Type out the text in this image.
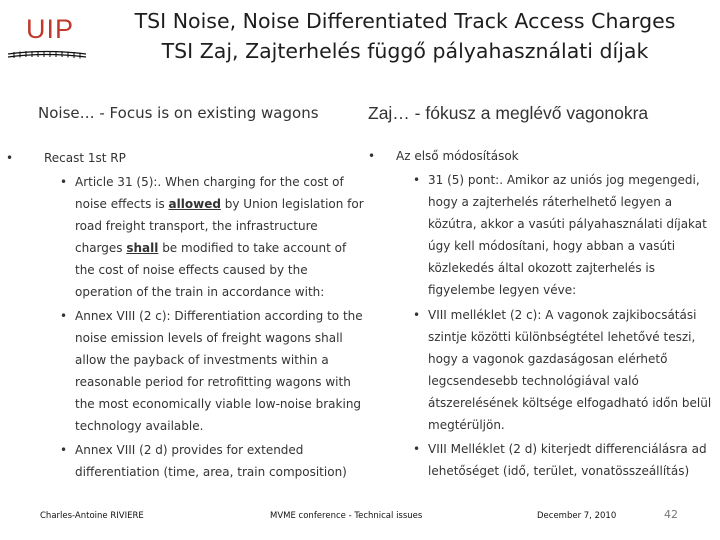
UIP	TSI Noise, Noise Differentiated Track Access Charges
TSI Zaj, Zajterhelés függő pályahasználati díjak
Noise… - Focus is on existing wagons	Zaj… - fókusz a meglévő vagonokra
•	Recast 1st RP	• Az első módosítások
• Article 31 (5):. When charging for the cost of
noise effects is allowed by Union legislation for
road freight transport, the infrastructure
charges shall be modified to take account of
the cost of noise effects caused by the
operation of the train in accordance with:
• Annex VIII (2 c): Differentiation according to the
noise emission levels of freight wagons shall
allow the payback of investments within a
reasonable period for retrofitting wagons with
the most economically viable low-noise braking
technology available.
• Annex VIII (2 d) provides for extended
differentiation (time, area, train composition)
• 31 (5) pont:. Amikor az uniós jog megengedi,
hogy a zajterhelés ráterhelhető legyen a
közútra, akkor a vasúti pályahasználati díjakat
úgy kell módosítani, hogy abban a vasúti
közlekedés által okozott zajterhelés is
figyelembe legyen véve:
• VIII melléklet (2 c): A vagonok zajkibocsátási
szintje közötti különbségtétel lehetővé teszi,
hogy a vagonok gazdaságosan elérhető
legcsendesebb technológiával való
átszerelésének költsége elfogadható időn belül
megtérüljön.
• VIII Melléklet (2 d) kiterjedt differenciálásra ad
lehetőséget (idő, terület, vonatösszeállítás)
Charles-Antoine RIVIERE	MVME conference - Technical issues	December 7, 2010	42
